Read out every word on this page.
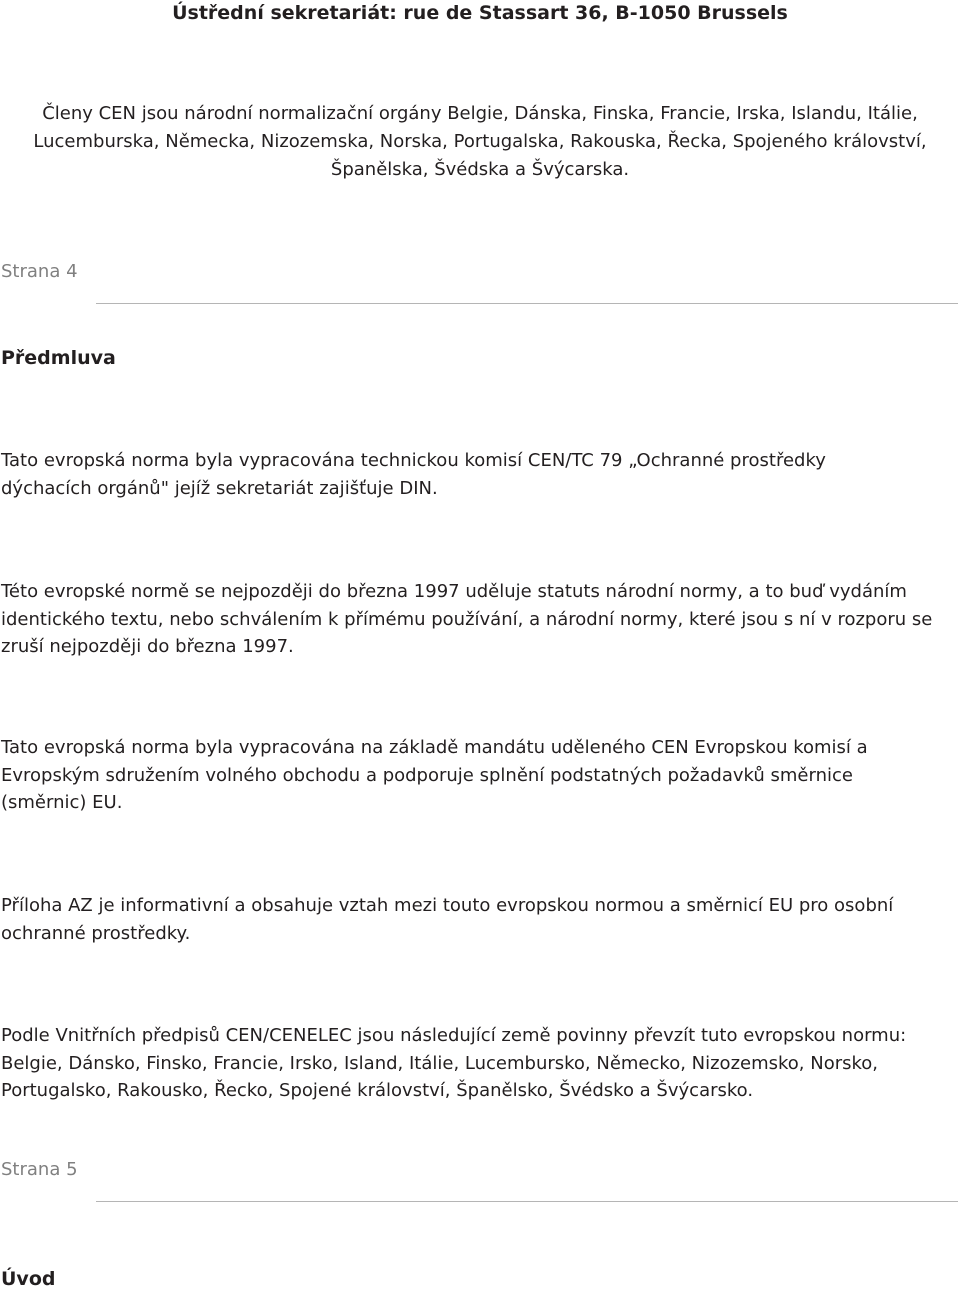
Ústřední sekretariát: rue de Stassart 36, B-1050 Brussels
Členy CEN jsou národní normalizační orgány Belgie, Dánska, Finska, Francie, Irska, Islandu, Itálie,
Lucemburska, Německa, Nizozemska, Norska, Portugalska, Rakouska, Řecka, Spojeného království,
Španělska, Švédska a Švýcarska.
Strana 4
Předmluva
Tato evropská norma byla vypracována technickou komisí CEN/TC 79 „Ochranné prostředky dýchacích orgánů" jejíž sekretariát zajišťuje DIN.
Této evropské normě se nejpozději do března 1997 uděluje statuts národní normy, a to buď vydáním identického textu, nebo schválením k přímému používání, a národní normy, které jsou s ní v rozporu se zruší nejpozději do března 1997.
Tato evropská norma byla vypracována na základě mandátu uděleného CEN Evropskou komisí a Evropským sdružením volného obchodu a podporuje splnění podstatných požadavků směrnice (směrnic) EU.
Příloha AZ je informativní a obsahuje vztah mezi touto evropskou normou a směrnicí EU pro osobní ochranné prostředky.
Podle Vnitřních předpisů CEN/CENELEC jsou následující země povinny převzít tuto evropskou normu: Belgie, Dánsko, Finsko, Francie, Irsko, Island, Itálie, Lucembursko, Německo, Nizozemsko, Norsko, Portugalsko, Rakousko, Řecko, Spojené království, Španělsko, Švédsko a Švýcarsko.
Strana 5
Úvod
